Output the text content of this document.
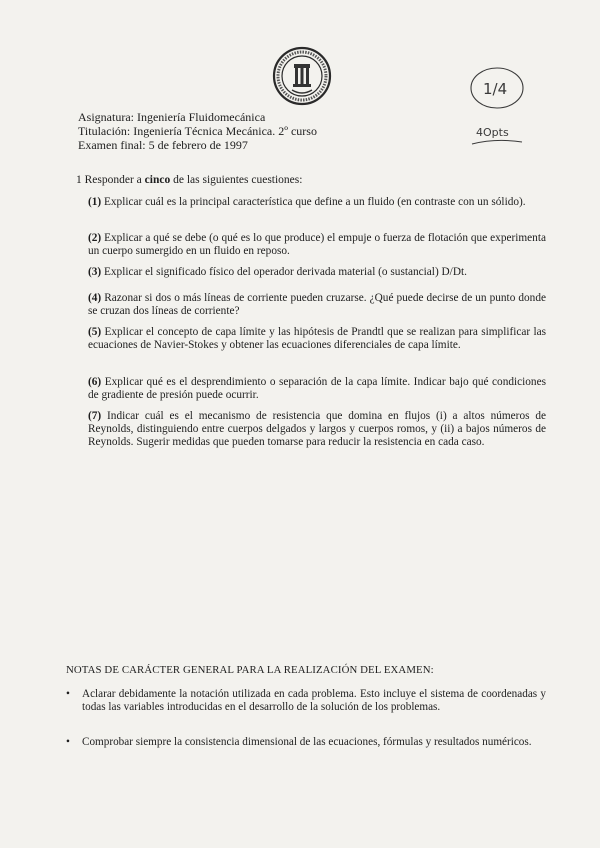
1/4
4Opts
Asignatura: Ingeniería Fluidomecánica
Titulación: Ingeniería Técnica Mecánica. 2º curso
Examen final: 5 de febrero de 1997
1 Responder a cinco de las siguientes cuestiones:
(1) Explicar cuál es la principal característica que define a un fluido (en contraste con un sólido).
(2) Explicar a qué se debe (o qué es lo que produce) el empuje o fuerza de flotación que experimenta un cuerpo sumergido en un fluido en reposo.
(3) Explicar el significado físico del operador derivada material (o sustancial) D/Dt.
(4) Razonar si dos o más líneas de corriente pueden cruzarse. ¿Qué puede decirse de un punto donde se cruzan dos líneas de corriente?
(5) Explicar el concepto de capa límite y las hipótesis de Prandtl que se realizan para simplificar las ecuaciones de Navier-Stokes y obtener las ecuaciones diferenciales de capa límite.
(6) Explicar qué es el desprendimiento o separación de la capa límite. Indicar bajo qué condiciones de gradiente de presión puede ocurrir.
(7) Indicar cuál es el mecanismo de resistencia que domina en flujos (i) a altos números de Reynolds, distinguiendo entre cuerpos delgados y largos y cuerpos romos, y (ii) a bajos números de Reynolds. Sugerir medidas que pueden tomarse para reducir la resistencia en cada caso.
NOTAS DE CARÁCTER GENERAL PARA LA REALIZACIÓN DEL EXAMEN:
• Aclarar debidamente la notación utilizada en cada problema. Esto incluye el sistema de coordenadas y todas las variables introducidas en el desarrollo de la solución de los problemas.
• Comprobar siempre la consistencia dimensional de las ecuaciones, fórmulas y resultados numéricos.
